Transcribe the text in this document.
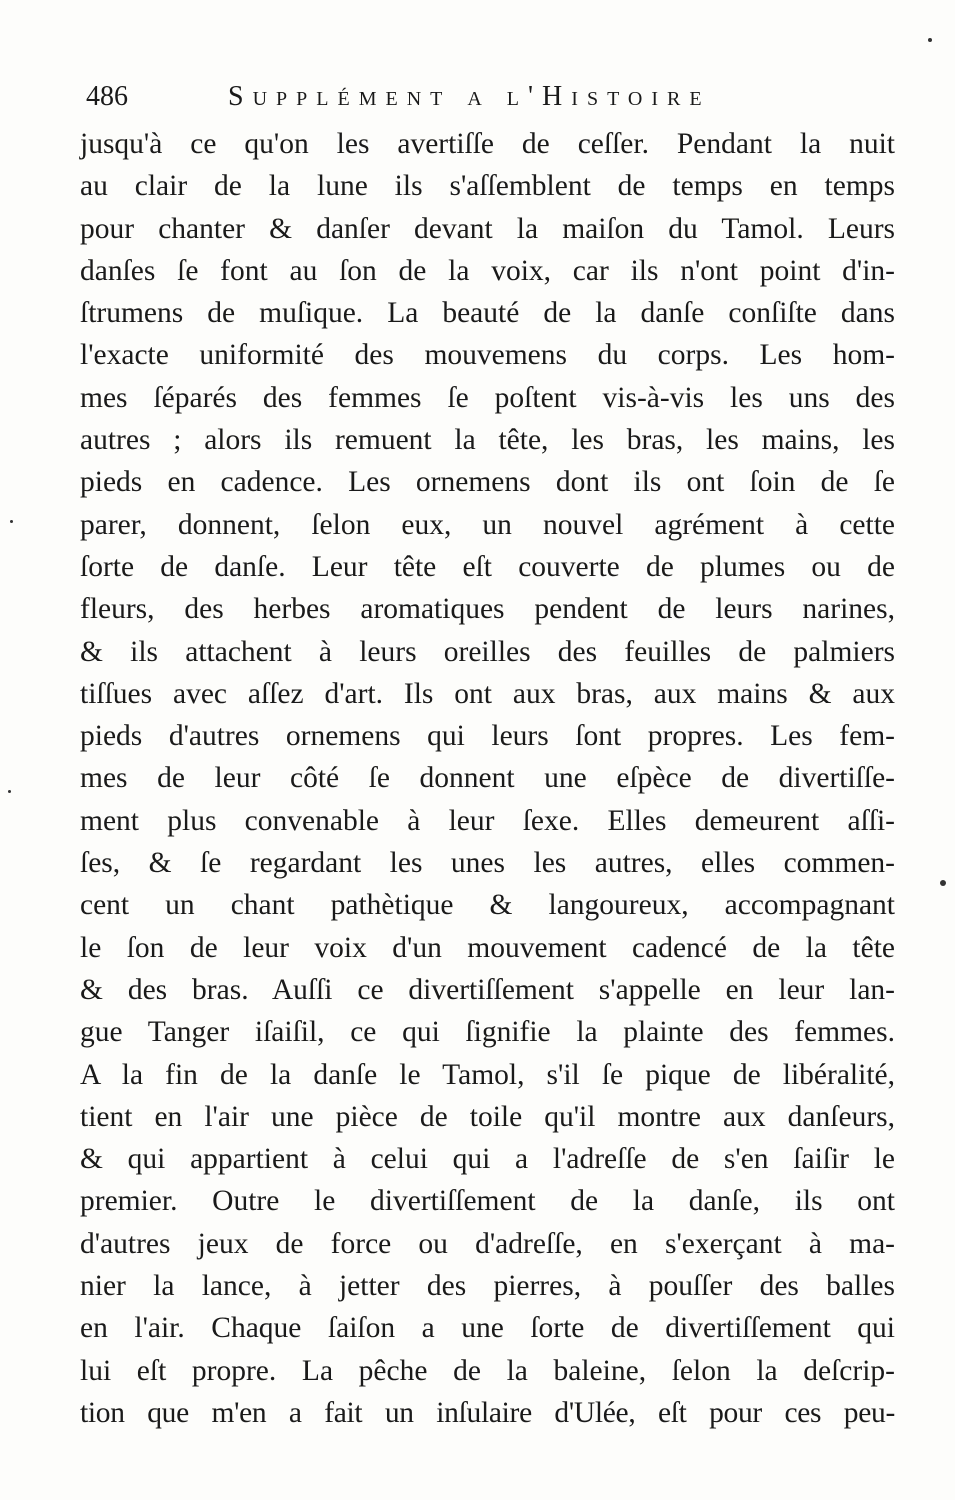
486	Supplément a l'Histoire
jusqu'à ce qu'on les avertiſſe de ceſſer. Pendant la nuit
au clair de la lune ils s'aſſemblent de temps en temps
pour chanter & danſer devant la maiſon du Tamol. Leurs
danſes ſe font au ſon de la voix, car ils n'ont point d'in-
ſtrumens de muſique. La beauté de la danſe conſiſte dans
l'exacte uniformité des mouvemens du corps. Les hom-
mes ſéparés des femmes ſe poſtent vis-à-vis les uns des
autres ; alors ils remuent la tête, les bras, les mains, les
pieds en cadence. Les ornemens dont ils ont ſoin de ſe
parer, donnent, ſelon eux, un nouvel agrément à cette
ſorte de danſe. Leur tête eſt couverte de plumes ou de
fleurs, des herbes aromatiques pendent de leurs narines,
& ils attachent à leurs oreilles des feuilles de palmiers
tiſſues avec aſſez d'art. Ils ont aux bras, aux mains & aux
pieds d'autres ornemens qui leurs ſont propres. Les fem-
mes de leur côté ſe donnent une eſpèce de divertiſſe-
ment plus convenable à leur ſexe. Elles demeurent aſſi-
ſes, & ſe regardant les unes les autres, elles commen-
cent un chant pathètique & langoureux, accompagnant
le ſon de leur voix d'un mouvement cadencé de la tête
& des bras. Auſſi ce divertiſſement s'appelle en leur lan-
gue Tanger iſaiſil, ce qui ſignifie la plainte des femmes.
A la fin de la danſe le Tamol, s'il ſe pique de libéralité,
tient en l'air une pièce de toile qu'il montre aux danſeurs,
& qui appartient à celui qui a l'adreſſe de s'en ſaiſir le
premier. Outre le divertiſſement de la danſe, ils ont
d'autres jeux de force ou d'adreſſe, en s'exerçant à ma-
nier la lance, à jetter des pierres, à pouſſer des balles
en l'air. Chaque ſaiſon a une ſorte de divertiſſement qui
lui eſt propre. La pêche de la baleine, ſelon la deſcrip-
tion que m'en a fait un inſulaire d'Ulée, eſt pour ces peu-
